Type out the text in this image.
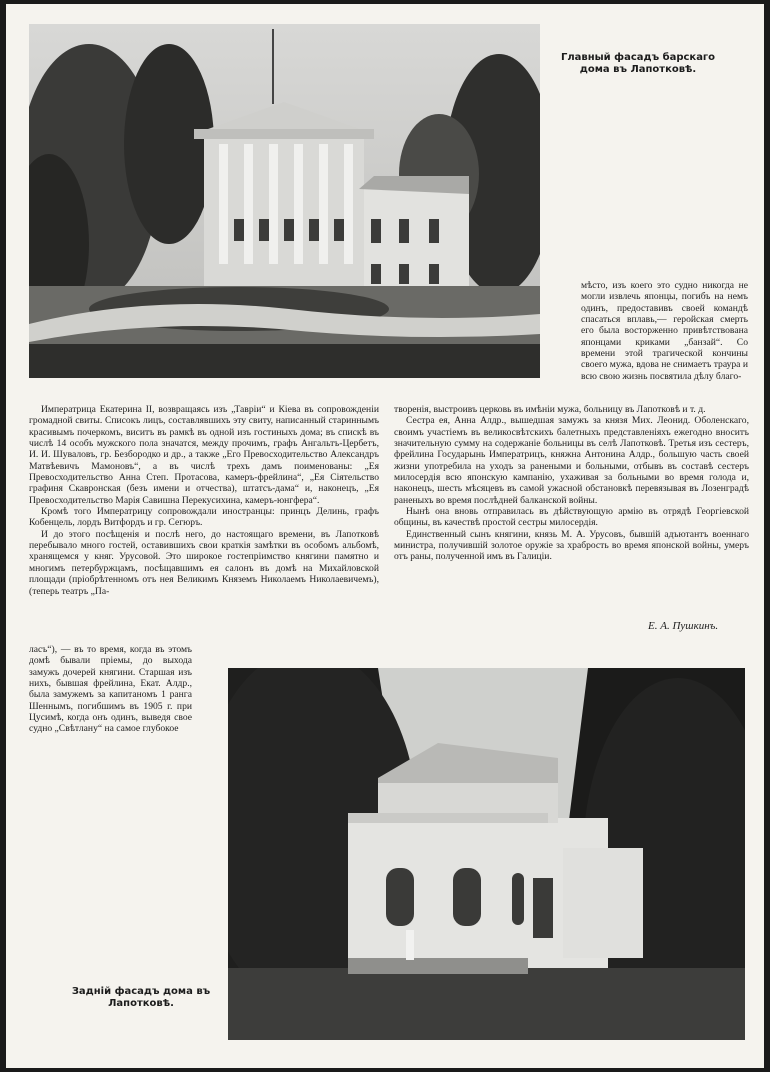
Главный фасадъ барскаго дома въ Лапотковѣ.

мѣсто, изъ коего это судно никогда не могли извлечь японцы, погибъ на немъ одинъ, предоставивъ своей командѣ спасаться вплавь,— геройская смерть его была восторженно привѣтствована японцами криками „банзай“. Со времени этой трагической кончины своего мужа, вдова не снимаетъ траура и всю свою жизнь посвятила дѣлу благо-

Императрица Екатерина II, возвращаясь изъ „Тавріи“ и Кіева въ сопровожденіи громадной свиты. Списокъ лицъ, составлявшихъ эту свиту, написанный стариннымъ красивымъ почеркомъ, виситъ въ рамкѣ въ одной изъ гостиныхъ дома; въ спискѣ въ числѣ 14 особъ мужского пола значатся, между прочимъ, графъ Ангальтъ-Цербетъ, И. И. Шуваловъ, гр. Безбородко и др., а также „Его Превосходительство Александръ Матвѣевичъ Мамоновъ“, а въ числѣ трехъ дамъ поименованы: „Ея Превосходительство Анна Степ. Протасова, камеръ-фрейлина“, „Ея Сіятельство графиня Скавронская (безъ имени и отчества), штатсъ-дама“ и, наконецъ, „Ея Превосходительство Марія Савишна Перекусихина, камеръ-юнгфера“.

Кромѣ того Императрицу сопровождали иностранцы: принцъ Делинь, графъ Кобенцель, лордъ Витфордъ и гр. Сегюръ.

И до этого посѣщенія и послѣ него, до настоящаго времени, въ Лапотковѣ перебывало много гостей, оставившихъ свои краткія замѣтки въ особомъ альбомѣ, хранящемся у княг. Урусовой. Это широкое гостепріимство княгини памятно и многимъ петербуржцамъ, посѣщавшимъ ея салонъ въ домѣ на Михайловской площади (пріобрѣтенномъ отъ нея Великимъ Княземъ Николаемъ Николаевичемъ), (теперь театръ „Па-

ласъ“), — въ то время, когда въ этомъ домѣ бывали пріемы, до выхода замужъ дочерей княгини. Старшая изъ нихъ, бывшая фрейлина, Екат. Алдр., была замужемъ за капитаномъ 1 ранга Шеннымъ, погибшимъ въ 1905 г. при Цусимѣ, когда онъ одинъ, выведя свое судно „Свѣтлану“ на самое глубокое

творенія, выстроивъ церковь въ имѣніи мужа, больницу въ Лапотковѣ и т. д.

Сестра ея, Анна Алдр., вышедшая замужъ за князя Мих. Леонид. Оболенскаго, своимъ участіемъ въ великосвѣтскихъ балетныхъ представленіяхъ ежегодно вноситъ значительную сумму на содержаніе больницы въ селѣ Лапотковѣ. Третья изъ сестеръ, фрейлина Государынь Императрицъ, княжна Антонина Алдр., большую часть своей жизни употребила на уходъ за ранеными и больными, отбывъ въ составѣ сестеръ милосердія всю японскую кампанію, ухаживая за больными во время голода и, наконецъ, шесть мѣсяцевъ въ самой ужасной обстановкѣ перевязывая въ Лозенградѣ раненыхъ во время послѣдней балканской войны.

Нынѣ она вновь отправилась въ дѣйствующую армію въ отрядѣ Георгіевской общины, въ качествѣ простой сестры милосердія.

Единственный сынъ княгини, князь М. А. Урусовъ, бывшій адъютантъ военнаго министра, получившій золотое оружіе за храбрость во время японской войны, умеръ отъ раны, полученной имъ въ Галиціи.

Е. А. Пушкинъ.
Задній фасадъ дома въ Лапотковѣ.
